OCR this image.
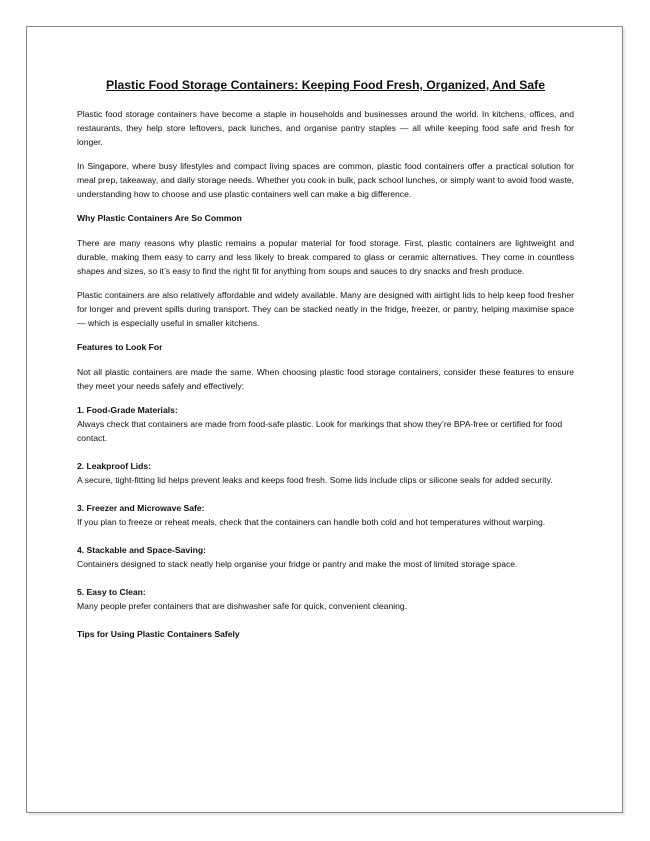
Plastic Food Storage Containers: Keeping Food Fresh, Organized, And Safe

Plastic food storage containers have become a staple in households and businesses around the world. In kitchens, offices, and restaurants, they help store leftovers, pack lunches, and organise pantry staples — all while keeping food safe and fresh for longer.

In Singapore, where busy lifestyles and compact living spaces are common, plastic food containers offer a practical solution for meal prep, takeaway, and daily storage needs. Whether you cook in bulk, pack school lunches, or simply want to avoid food waste, understanding how to choose and use plastic containers well can make a big difference.

Why Plastic Containers Are So Common

There are many reasons why plastic remains a popular material for food storage. First, plastic containers are lightweight and durable, making them easy to carry and less likely to break compared to glass or ceramic alternatives. They come in countless shapes and sizes, so it’s easy to find the right fit for anything from soups and sauces to dry snacks and fresh produce.

Plastic containers are also relatively affordable and widely available. Many are designed with airtight lids to help keep food fresher for longer and prevent spills during transport. They can be stacked neatly in the fridge, freezer, or pantry, helping maximise space — which is especially useful in smaller kitchens.

Features to Look For

Not all plastic containers are made the same. When choosing plastic food storage containers, consider these features to ensure they meet your needs safely and effectively:

1. Food-Grade Materials:

Always check that containers are made from food-safe plastic. Look for markings that show they’re BPA-free or certified for food contact.

2. Leakproof Lids:

A secure, tight-fitting lid helps prevent leaks and keeps food fresh. Some lids include clips or silicone seals for added security.

3. Freezer and Microwave Safe:

If you plan to freeze or reheat meals, check that the containers can handle both cold and hot temperatures without warping.

4. Stackable and Space-Saving:

Containers designed to stack neatly help organise your fridge or pantry and make the most of limited storage space.

5. Easy to Clean:

Many people prefer containers that are dishwasher safe for quick, convenient cleaning.

Tips for Using Plastic Containers Safely
